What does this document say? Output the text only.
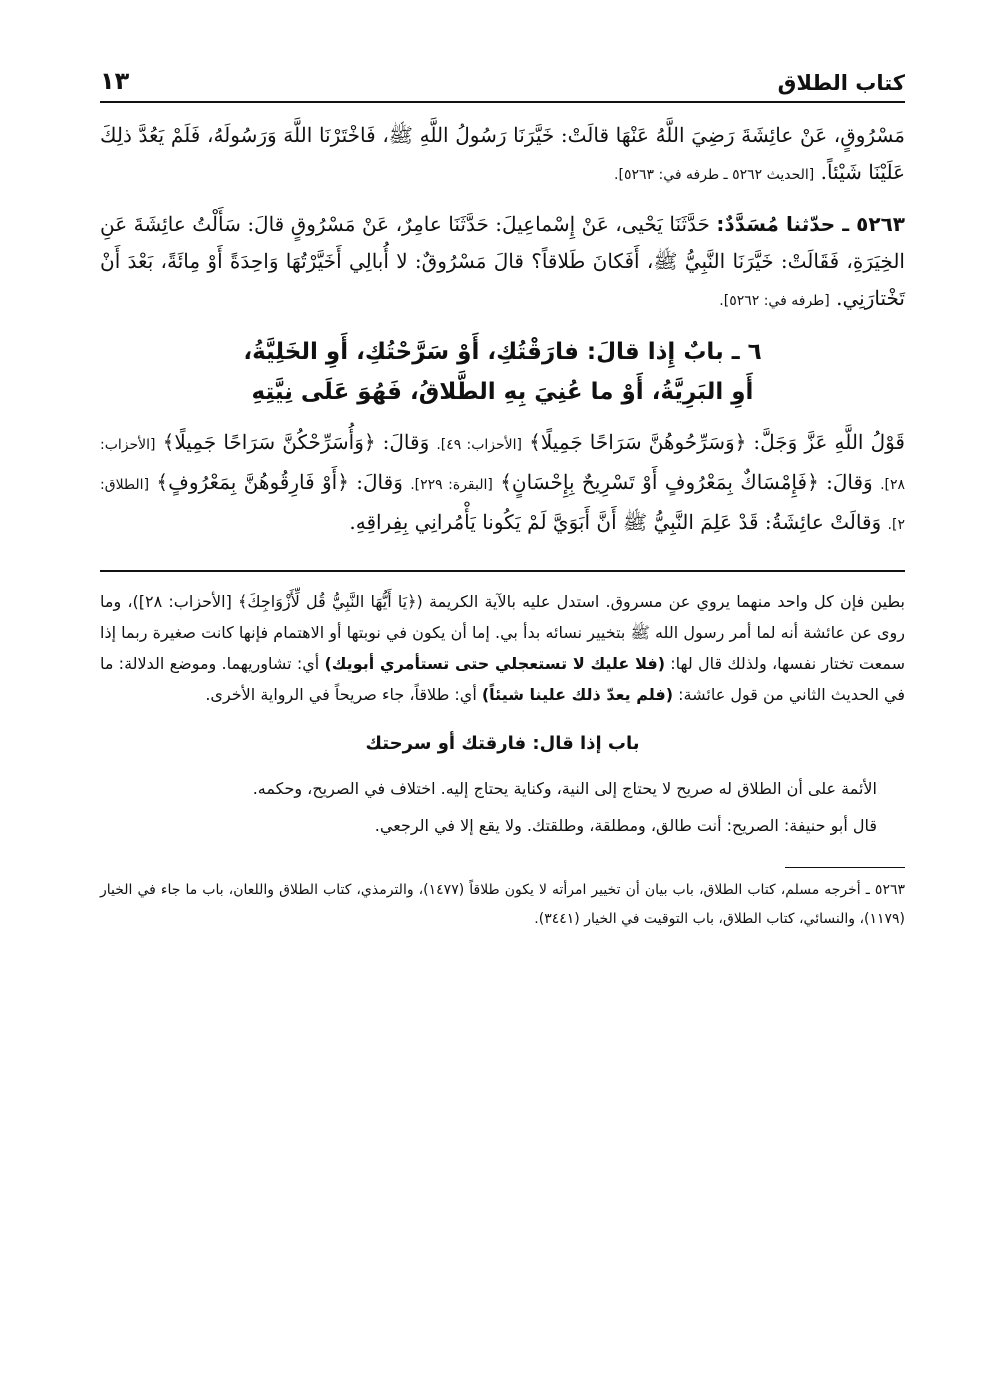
كتاب الطلاق
١٣

مَسْرُوقٍ، عَنْ عائِشَةَ رَضِيَ اللَّهُ عَنْهَا قالَتْ: خَيَّرَنَا رَسُولُ اللَّهِ ﷺ، فَاخْتَرْنَا اللَّهَ وَرَسُولَهُ، فَلَمْ يَعُدَّ ذلِكَ عَلَيْنَا شَيْئاً. [الحديث ٥٢٦٢ ـ طرفه في: ٥٢٦٣].

٥٢٦٣ ـ حدّثنا مُسَدَّدٌ: حَدَّثَنَا يَحْيى، عَنْ إِسْماعِيلَ: حَدَّثَنَا عامِرٌ، عَنْ مَسْرُوقٍ قالَ: سَأَلْتُ عائِشَةَ عَنِ الخِيَرَةِ، فَقَالَتْ: خَيَّرَنَا النَّبِيُّ ﷺ، أَفَكانَ طَلاقاً؟ قالَ مَسْرُوقٌ: لا أُبالِي أَخَيَّرْتُهَا وَاحِدَةً أَوْ مِائَةً، بَعْدَ أَنْ تَخْتارَنِي. [طرفه في: ٥٢٦٢].

٦ ـ بابٌ إِذا قالَ: فارَقْتُكِ، أَوْ سَرَّحْتُكِ، أَوِ الخَلِيَّةُ،
أَوِ البَرِيَّةُ، أَوْ ما عُنِيَ بِهِ الطَّلاقُ، فَهُوَ عَلَى نِيَّتِهِ

قَوْلُ اللَّهِ عَزَّ وَجَلَّ: ﴿وَسَرِّحُوهُنَّ سَرَاحًا جَمِيلًا﴾ [الأحزاب: ٤٩]. وَقالَ: ﴿وَأُسَرِّحْكُنَّ سَرَاحًا جَمِيلًا﴾ [الأحزاب: ٢٨]. وَقالَ: ﴿فَإِمْسَاكٌ بِمَعْرُوفٍ أَوْ تَسْرِيحٌ بِإِحْسَانٍ﴾ [البقرة: ٢٢٩]. وَقالَ: ﴿أَوْ فَارِقُوهُنَّ بِمَعْرُوفٍ﴾ [الطلاق: ٢]. وَقالَتْ عائِشَةُ: قَدْ عَلِمَ النَّبِيُّ ﷺ أَنَّ أَبَوَيَّ لَمْ يَكُونا يَأْمُرانِي بِفِراقِهِ.

بطين فإن كل واحد منهما يروي عن مسروق. استدل عليه بالآية الكريمة (﴿يَا أَيُّهَا النَّبِيُّ قُل لِّأَزْوَاجِكَ﴾ [الأحزاب: ٢٨])، وما روى عن عائشة أنه لما أمر رسول الله ﷺ بتخيير نسائه بدأ بي. إما أن يكون في نوبتها أو الاهتمام فإنها كانت صغيرة ربما إذا سمعت تختار نفسها، ولذلك قال لها: (فلا عليك لا تستعجلي حتى تستأمري أبويك) أي: تشاوريهما. وموضع الدلالة: ما في الحديث الثاني من قول عائشة: (فلم يعدّ ذلك علينا شيئاً) أي: طلاقاً، جاء صريحاً في الرواية الأخرى.

باب إذا قال: فارقتك أو سرحتك

الأئمة على أن الطلاق له صريح لا يحتاج إلى النية، وكناية يحتاج إليه. اختلاف في الصريح، وحكمه.

قال أبو حنيفة: الصريح: أنت طالق، ومطلقة، وطلقتك. ولا يقع إلا في الرجعي.

٥٢٦٣ ـ أخرجه مسلم، كتاب الطلاق، باب بيان أن تخيير امرأته لا يكون طلاقاً (١٤٧٧)، والترمذي، كتاب الطلاق واللعان، باب ما جاء في الخيار (١١٧٩)، والنسائي، كتاب الطلاق، باب التوقيت في الخيار (٣٤٤١).
